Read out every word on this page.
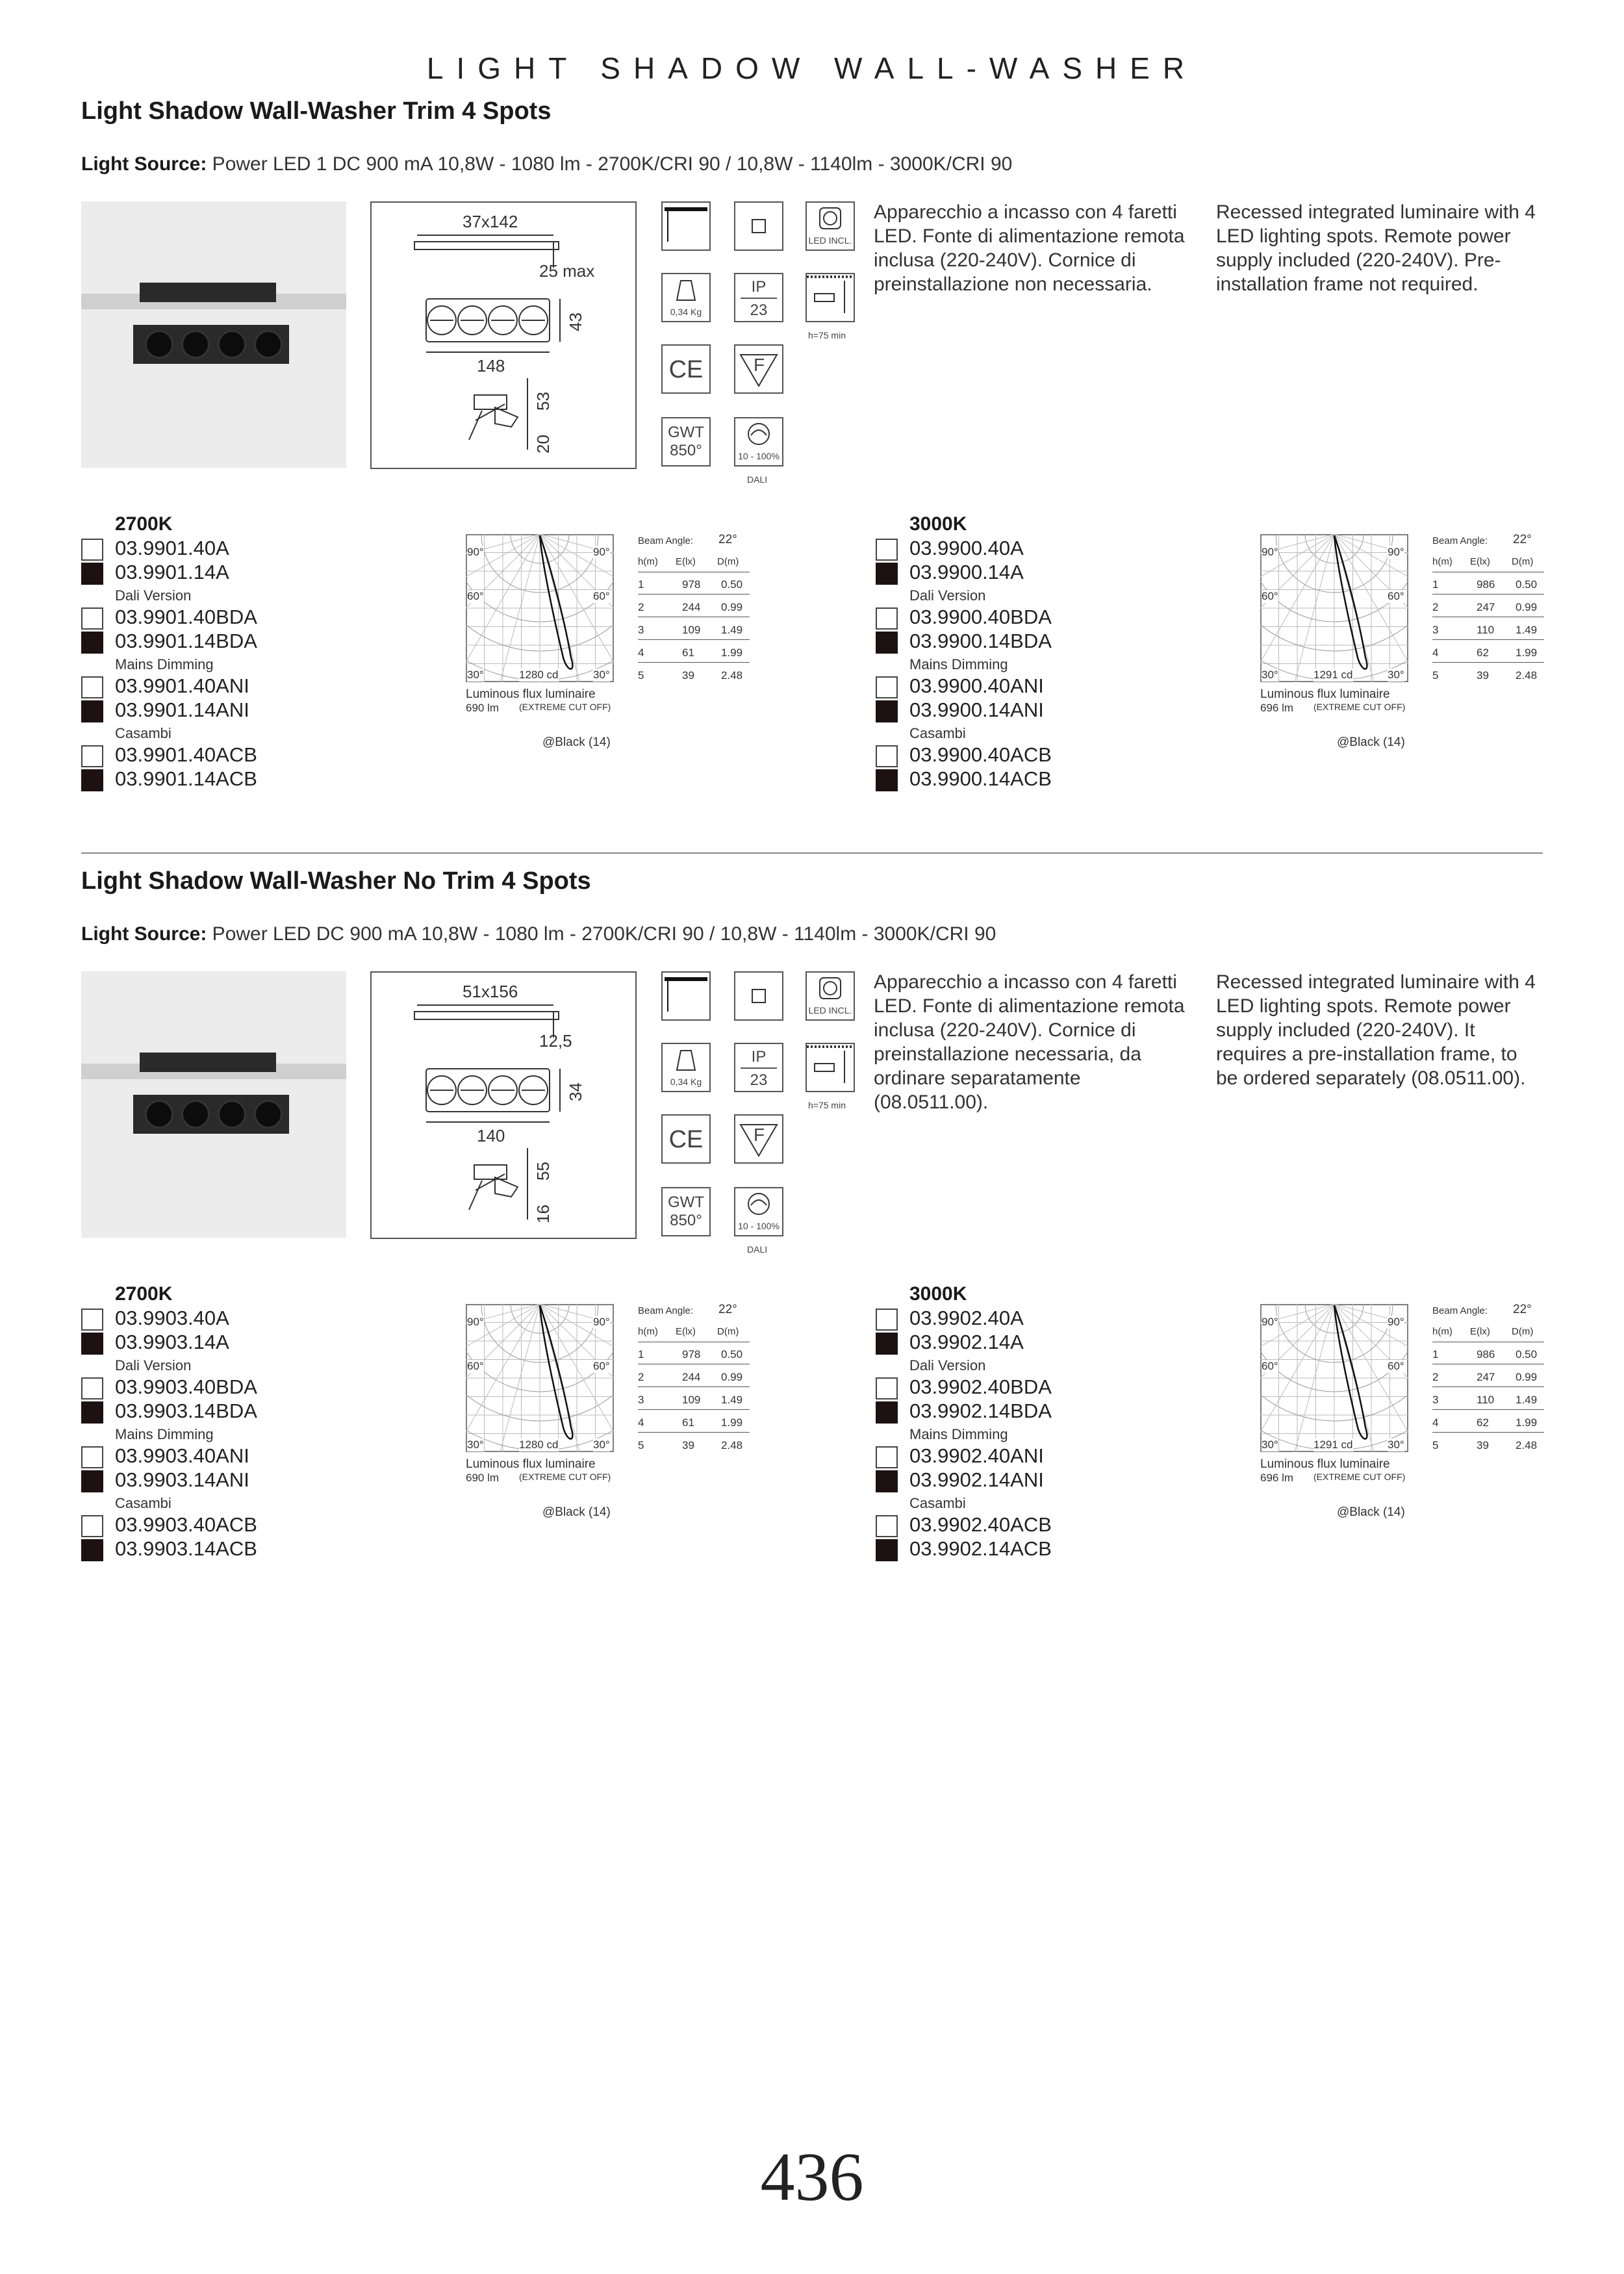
LIGHT SHADOW WALL-WASHER
Light Shadow Wall-Washer Trim 4 Spots
Light Source: Power LED 1 DC 900 mA 10,8W - 1080 lm - 2700K/CRI 90 / 10,8W - 1140lm - 3000K/CRI 90
37x142
25 max
43
148
53
20
LED INCL.
0,34 Kg
IP
23
h=75 min
CE	F
GWT
850°	10 - 100%
DALI
Apparecchio a incasso con 4 faretti LED. Fonte di alimentazione remota inclusa (220-240V). Cornice di preinstallazione non necessaria.
Recessed integrated luminaire with 4 LED lighting spots. Remote power supply included (220-240V). Pre-installation frame not required.
2700K
03.9901.40A
03.9901.14A
Dali Version
03.9901.40BDA
03.9901.14BDA
Mains Dimming
03.9901.40ANI
03.9901.14ANI
Casambi
03.9901.40ACB
03.9901.14ACB
90°	90°
60°	60°
30°	30°
1280 cd
Luminous flux luminaire
690 lm (EXTREME CUT OFF)
@Black (14)
Beam Angle: 22°
h(m) E(lx) D(m)
1	978 0.50
2	244 0.99
3	109 1.49
4	61 1.99
5	39 2.48
3000K
03.9900.40A
03.9900.14A
Dali Version
03.9900.40BDA
03.9900.14BDA
Mains Dimming
03.9900.40ANI
03.9900.14ANI
Casambi
03.9900.40ACB
03.9900.14ACB
90°	90°
60°	60°
30°	30°
1291 cd
Luminous flux luminaire
696 lm (EXTREME CUT OFF)
@Black (14)
Beam Angle: 22°
h(m) E(lx) D(m)
1	986 0.50
2	247 0.99
3	110 1.49
4	62 1.99
5	39 2.48
Light Shadow Wall-Washer No Trim 4 Spots
Light Source: Power LED DC 900 mA 10,8W - 1080 lm - 2700K/CRI 90 / 10,8W - 1140lm - 3000K/CRI 90
51x156
12,5
34
140
55
16
LED INCL.
0,34 Kg
IP
23
h=75 min
CE	F
GWT
850°	10 - 100%
DALI
Apparecchio a incasso con 4 faretti LED. Fonte di alimentazione remota inclusa (220-240V). Cornice di preinstallazione necessaria, da ordinare separatamente (08.0511.00).
Recessed integrated luminaire with 4 LED lighting spots. Remote power supply included (220-240V). It requires a pre-installation frame, to be ordered separately (08.0511.00).
2700K
03.9903.40A
03.9903.14A
Dali Version
03.9903.40BDA
03.9903.14BDA
Mains Dimming
03.9903.40ANI
03.9903.14ANI
Casambi
03.9903.40ACB
03.9903.14ACB
90°	90°
60°	60°
30°	30°
1280 cd
Luminous flux luminaire
690 lm (EXTREME CUT OFF)
@Black (14)
Beam Angle: 22°
h(m) E(lx) D(m)
1	978 0.50
2	244 0.99
3	109 1.49
4	61 1.99
5	39 2.48
3000K
03.9902.40A
03.9902.14A
Dali Version
03.9902.40BDA
03.9902.14BDA
Mains Dimming
03.9902.40ANI
03.9902.14ANI
Casambi
03.9902.40ACB
03.9902.14ACB
90°	90°
60°	60°
30°	30°
1291 cd
Luminous flux luminaire
696 lm (EXTREME CUT OFF)
@Black (14)
Beam Angle: 22°
h(m) E(lx) D(m)
1	986 0.50
2	247 0.99
3	110 1.49
4	62 1.99
5	39 2.48
436
